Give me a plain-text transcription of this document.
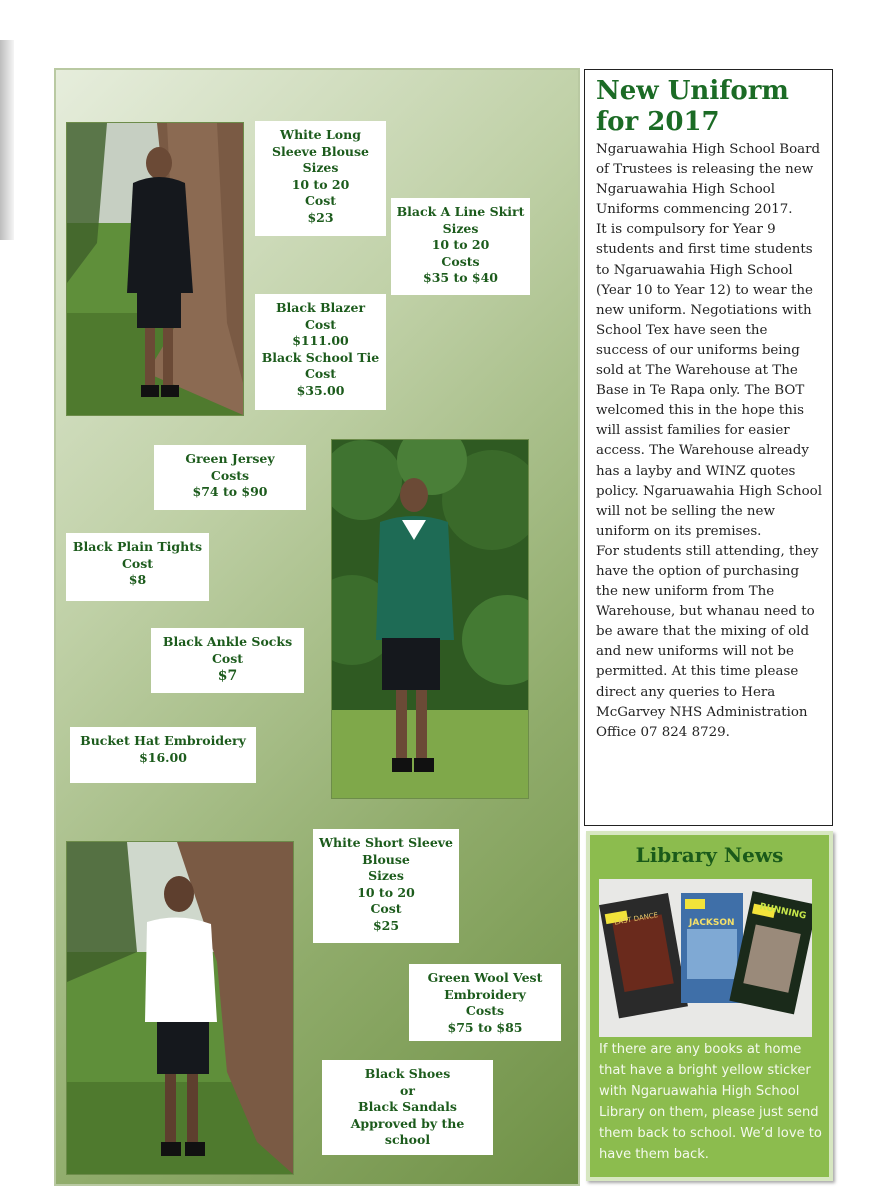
White Long
Sleeve Blouse
Sizes
10 to 20
Cost
$23	Black A Line Skirt
Sizes
10 to 20
Costs
$35 to $40
Black Blazer
Cost
$111.00
Black School Tie
Cost
$35.00
Green Jersey
Costs
$74 to $90
Black Plain Tights
Cost
$8
Black Ankle Socks
Cost
$7
Bucket Hat Embroidery
$16.00
White Short Sleeve
Blouse
Sizes
10 to 20
Cost
$25
Green Wool Vest
Embroidery
Costs
$75 to $85
Black Shoes
or
Black Sandals
Approved by the
school
New Uniform
for 2017

Ngaruawahia High School Board of Trustees is releasing the new Ngaruawahia High School Uniforms commencing 2017.

It is compulsory for Year 9 students and first time students to Ngaruawahia High School (Year 10 to Year 12) to wear the new uniform. Negotiations with School Tex have seen the success of our uniforms being sold at The Warehouse at The Base in Te Rapa only. The BOT welcomed this in the hope this will assist families for easier access. The Warehouse already has a layby and WINZ quotes policy. Ngaruawahia High School will not be selling the new uniform on its premises.

For students still attending, they have the option of purchasing the new uniform from The Warehouse, but whanau need to be aware that the mixing of old and new uniforms will not be permitted. At this time please direct any queries to Hera McGarvey NHS Administration Office 07 824 8729.

Library News
LAST DANCE	JACKSON
RUNNING
If there are any books at home that have a bright yellow sticker with Ngaruawahia High School Library on them, please just send them back to school. We’d love to have them back.
